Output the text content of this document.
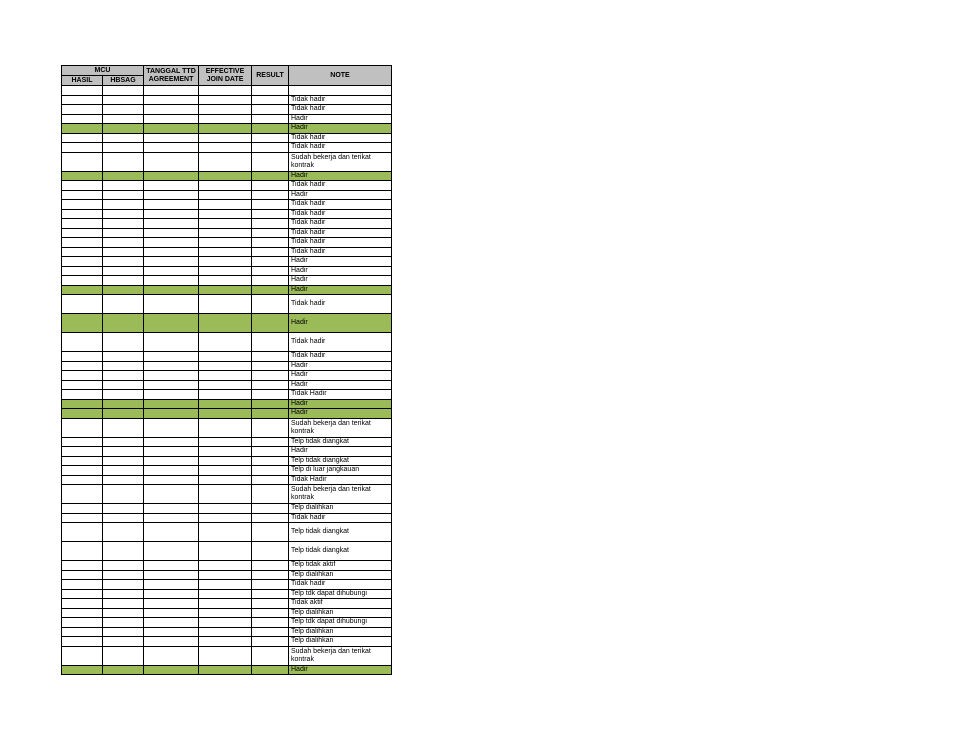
MCU		TANGGAL TTD AGREEMENT	EFFECTIVE JOIN DATE	RESULT	NOTE
HASIL	HBSAG				

					Tidak hadir
					Tidak hadir
					Hadir
					Hadir
					Tidak hadir
					Tidak hadir
					Sudah bekerja dan terikat kontrak
					Hadir
					Tidak hadir
					Hadir
					Tidak hadir
					Tidak hadir
					Tidak hadir
					Tidak hadir
					Tidak hadir
					Tidak hadir
					Hadir
					Hadir
					Hadir
					Hadir
					Tidak hadir
					Hadir
					Tidak hadir
					Tidak hadir
					Hadir
					Hadir
					Hadir
					Tidak Hadir
					Hadir
					Hadir
					Sudah bekerja dan terikat kontrak
					Telp tidak diangkat
					Hadir
					Telp tidak diangkat
					Telp di luar jangkauan
					Tidak Hadir
					Sudah bekerja dan terikat kontrak
					Telp dialihkan
					Tidak hadir
					Telp tidak diangkat
					Telp tidak diangkat
					Telp tidak aktif
					Telp dialihkan
					Tidak hadir
					Telp tdk dapat dihubungi
					Tidak aktif
					Telp dialihkan
					Telp tdk dapat dihubungi
					Telp dialihkan
					Telp dialihkan
					Sudah bekerja dan terikat kontrak
					Hadir
